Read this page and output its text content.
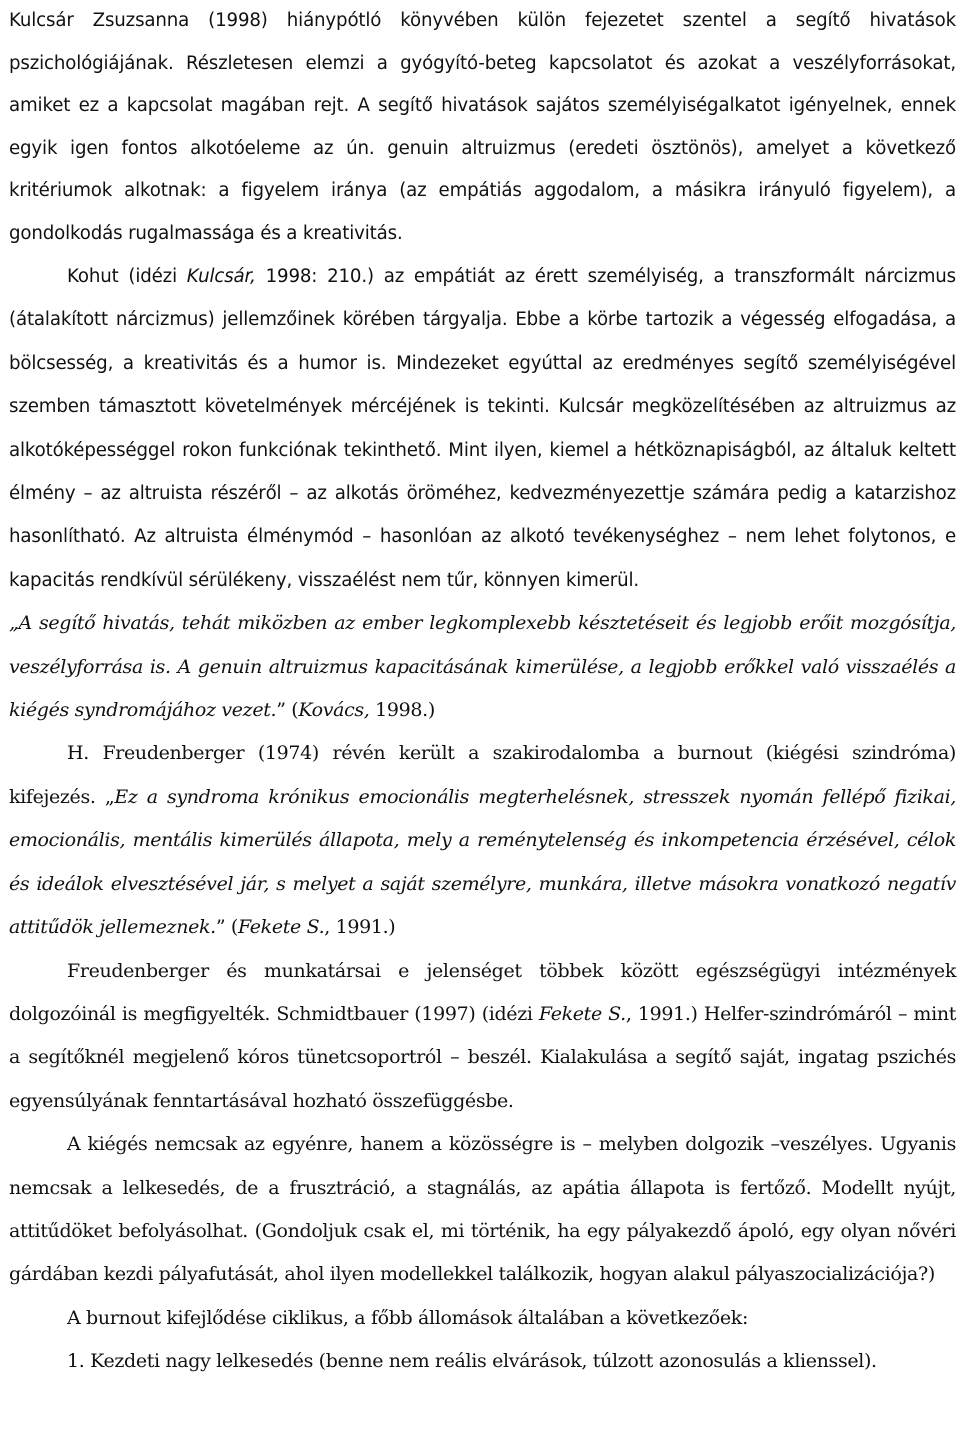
Kulcsár Zsuzsanna (1998) hiánypótló könyvében külön fejezetet szentel a segítő hivatások pszichológiájának. Részletesen elemzi a gyógyító-beteg kapcsolatot és azokat a veszélyforrásokat, amiket ez a kapcsolat magában rejt. A segítő hivatások sajátos személyiségalkatot igényelnek, ennek egyik igen fontos alkotóeleme az ún. genuin altruizmus (eredeti ösztönös), amelyet a következő kritériumok alkotnak: a figyelem iránya (az empátiás aggodalom, a másikra irányuló figyelem), a gondolkodás rugalmassága és a kreativitás.

Kohut (idézi Kulcsár, 1998: 210.) az empátiát az érett személyiség, a transzformált nárcizmus (átalakított nárcizmus) jellemzőinek körében tárgyalja. Ebbe a körbe tartozik a végesség elfogadása, a bölcsesség, a kreativitás és a humor is. Mindezeket egyúttal az eredményes segítő személyiségével szemben támasztott követelmények mércéjének is tekinti. Kulcsár megközelítésében az altruizmus az alkotóképességgel rokon funkciónak tekinthető. Mint ilyen, kiemel a hétköznapiságból, az általuk keltett élmény – az altruista részéről – az alkotás öröméhez, kedvezményezettje számára pedig a katarzishoz hasonlítható. Az altruista élménymód – hasonlóan az alkotó tevékenységhez – nem lehet folytonos, e kapacitás rendkívül sérülékeny, visszaélést nem tűr, könnyen kimerül.

„A segítő hivatás, tehát miközben az ember legkomplexebb késztetéseit és legjobb erőit mozgósítja, veszélyforrása is. A genuin altruizmus kapacitásának kimerülése, a legjobb erőkkel való visszaélés a kiégés syndromájához vezet.” (Kovács, 1998.)

H. Freudenberger (1974) révén került a szakirodalomba a burnout (kiégési szindróma) kifejezés. „Ez a syndroma krónikus emocionális megterhelésnek, stresszek nyomán fellépő fizikai, emocionális, mentális kimerülés állapota, mely a reménytelenség és inkompetencia érzésével, célok és ideálok elvesztésével jár, s melyet a saját személyre, munkára, illetve másokra vonatkozó negatív attitűdök jellemeznek.” (Fekete S., 1991.)

Freudenberger és munkatársai e jelenséget többek között egészségügyi intézmények dolgozóinál is megfigyelték. Schmidtbauer (1997) (idézi Fekete S., 1991.) Helfer-szindrómáról – mint a segítőknél megjelenő kóros tünetcsoportról – beszél. Kialakulása a segítő saját, ingatag pszichés egyensúlyának fenntartásával hozható összefüggésbe.

A kiégés nemcsak az egyénre, hanem a közösségre is – melyben dolgozik –veszélyes. Ugyanis nemcsak a lelkesedés, de a frusztráció, a stagnálás, az apátia állapota is fertőző. Modellt nyújt, attitűdöket befolyásolhat. (Gondoljuk csak el, mi történik, ha egy pályakezdő ápoló, egy olyan nővéri gárdában kezdi pályafutását, ahol ilyen modellekkel találkozik, hogyan alakul pályaszocializációja?)

A burnout kifejlődése ciklikus, a főbb állomások általában a következőek:

1. Kezdeti nagy lelkesedés (benne nem reális elvárások, túlzott azonosulás a klienssel).
